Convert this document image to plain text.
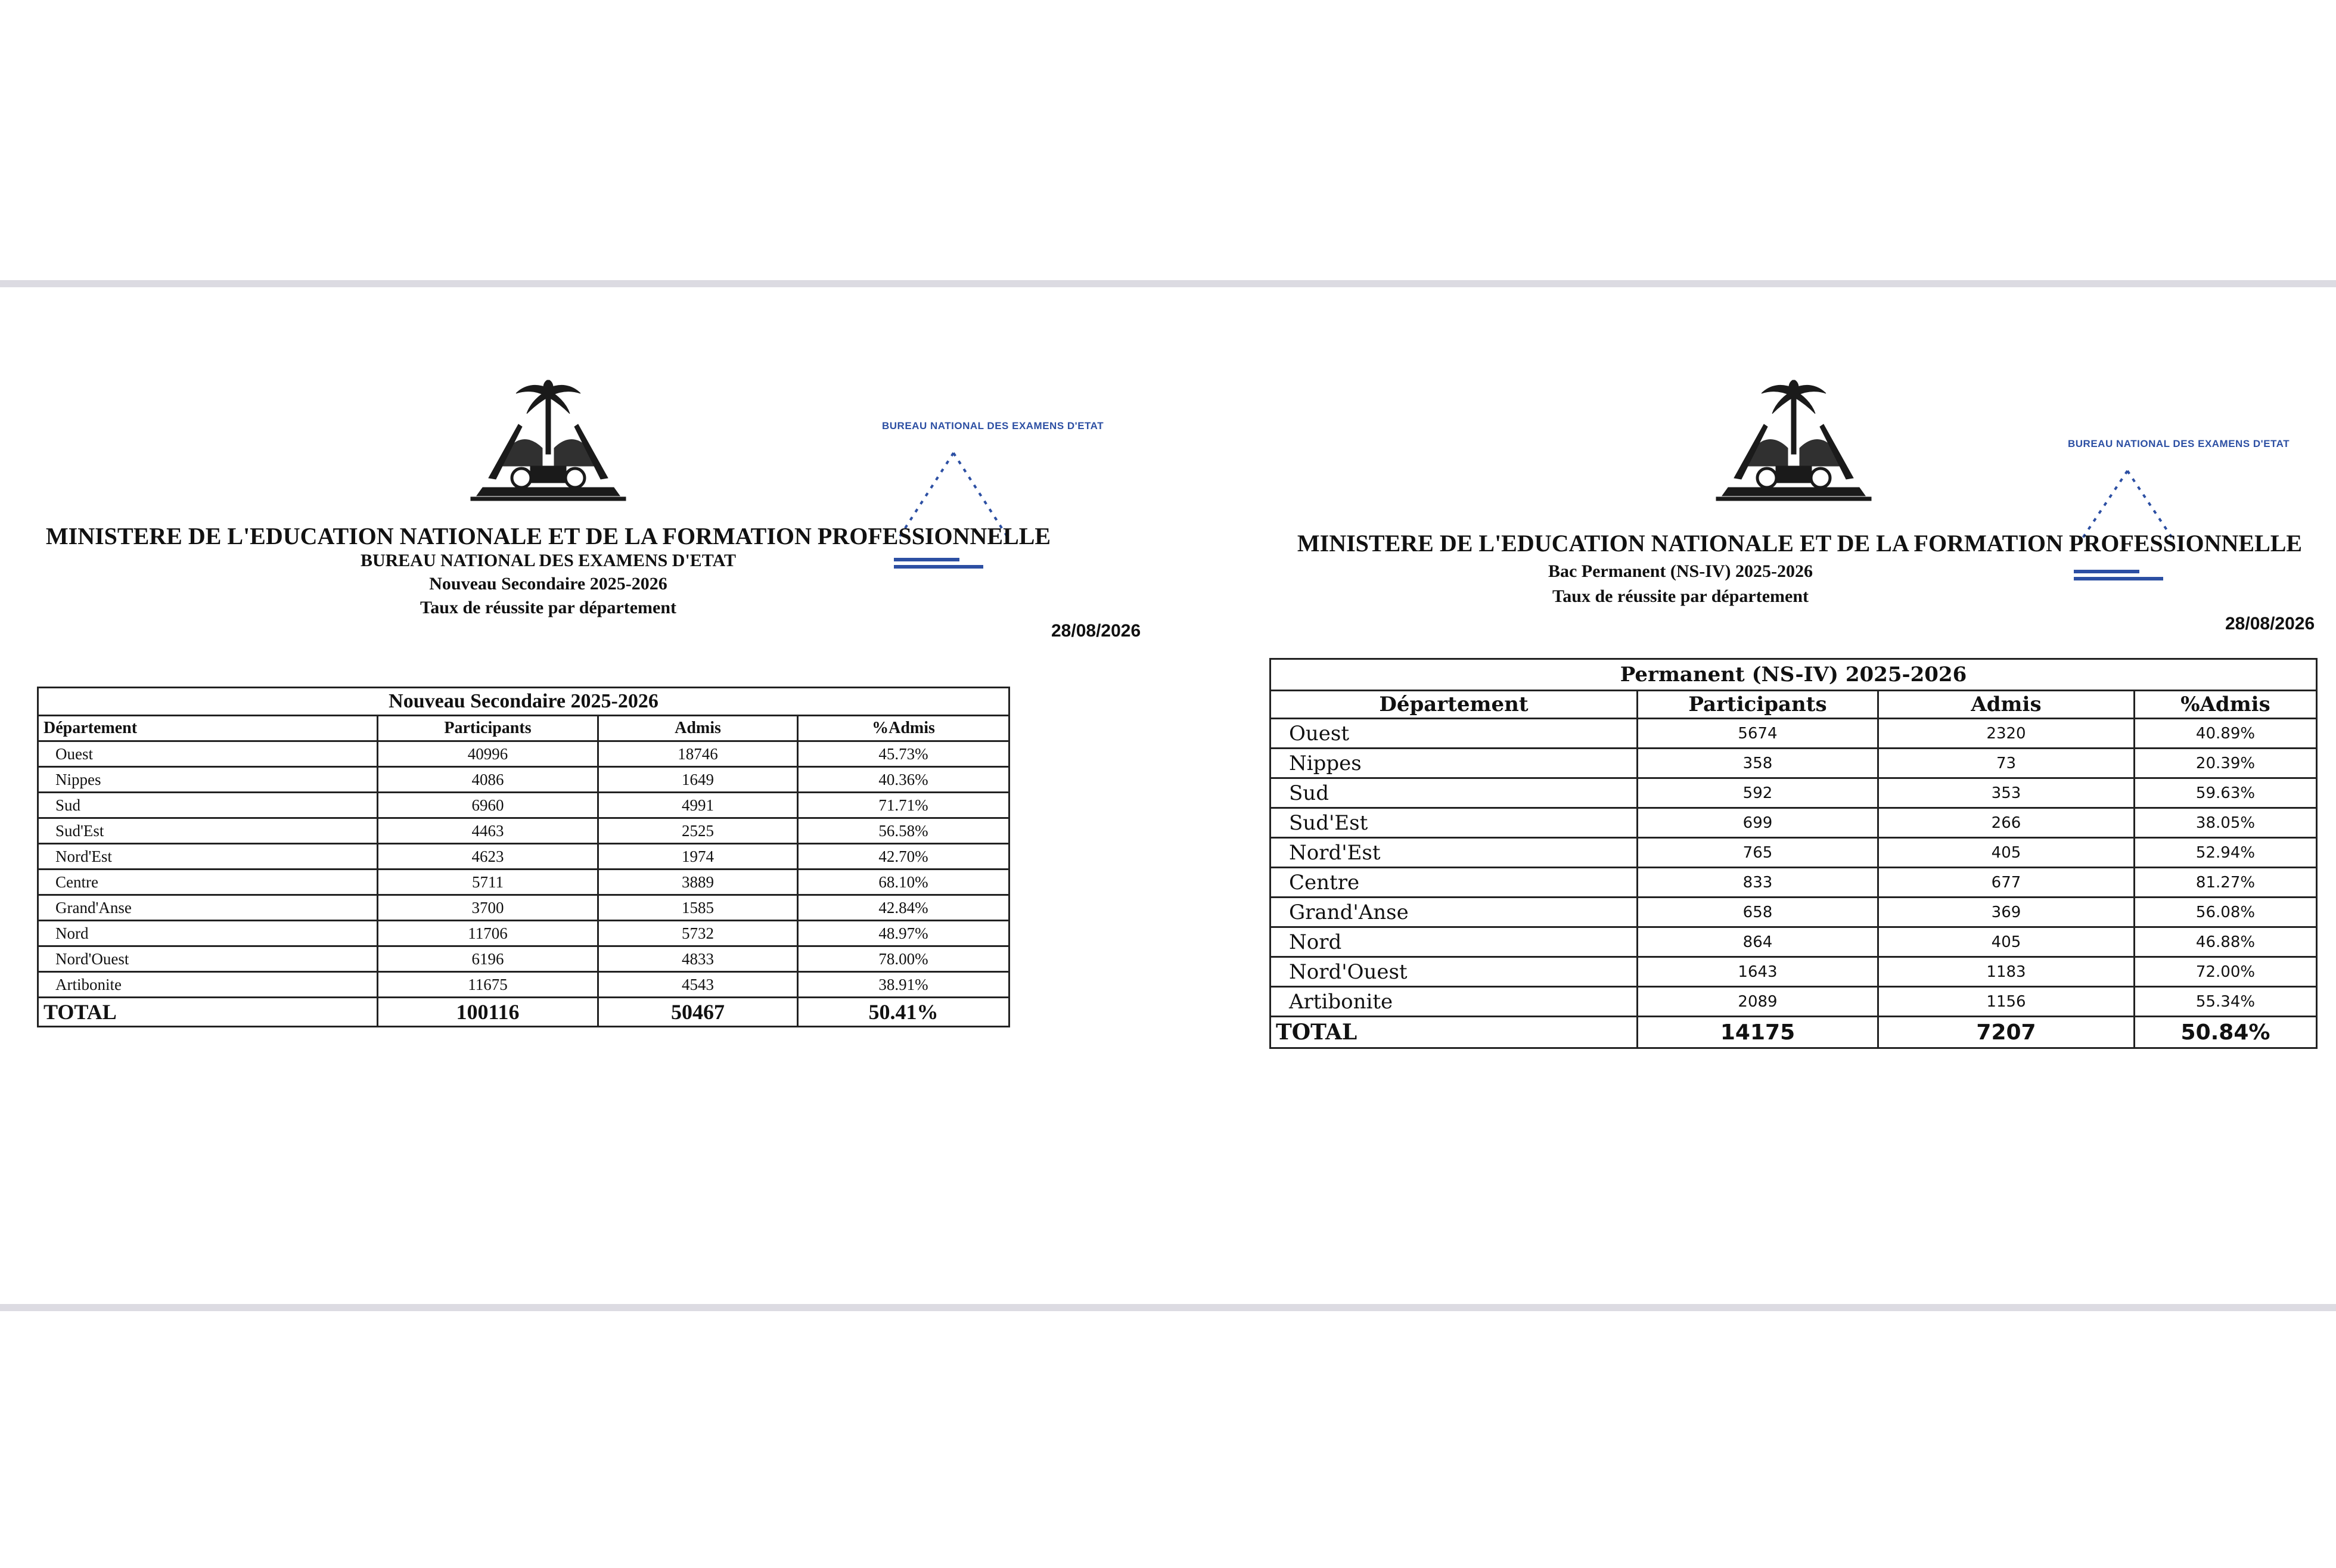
BUREAU NATIONAL DES EXAMENS D'ETAT
MINISTERE DE L'EDUCATION NATIONALE ET DE LA FORMATION PROFESSIONNELLE
BUREAU NATIONAL DES EXAMENS D'ETAT
Nouveau Secondaire 2025-2026
Taux de réussite par département
28/08/2026
Nouveau Secondaire 2025-2026
Département	Participants	Admis	%Admis
Ouest	40996	18746	45.73%
Nippes	4086	1649	40.36%
Sud	6960	4991	71.71%
Sud'Est	4463	2525	56.58%
Nord'Est	4623	1974	42.70%
Centre	5711	3889	68.10%
Grand'Anse	3700	1585	42.84%
Nord	11706	5732	48.97%
Nord'Ouest	6196	4833	78.00%
Artibonite	11675	4543	38.91%
TOTAL	100116	50467	50.41%
BUREAU NATIONAL DES EXAMENS D'ETAT
MINISTERE DE L'EDUCATION NATIONALE ET DE LA FORMATION PROFESSIONNELLE
Bac Permanent (NS-IV) 2025-2026
Taux de réussite par département
28/08/2026
Permanent (NS-IV) 2025-2026
Département	Participants	Admis	%Admis
Ouest	5674	2320	40.89%
Nippes	358	73	20.39%
Sud	592	353	59.63%
Sud'Est	699	266	38.05%
Nord'Est	765	405	52.94%
Centre	833	677	81.27%
Grand'Anse	658	369	56.08%
Nord	864	405	46.88%
Nord'Ouest	1643	1183	72.00%
Artibonite	2089	1156	55.34%
TOTAL	14175	7207	50.84%
